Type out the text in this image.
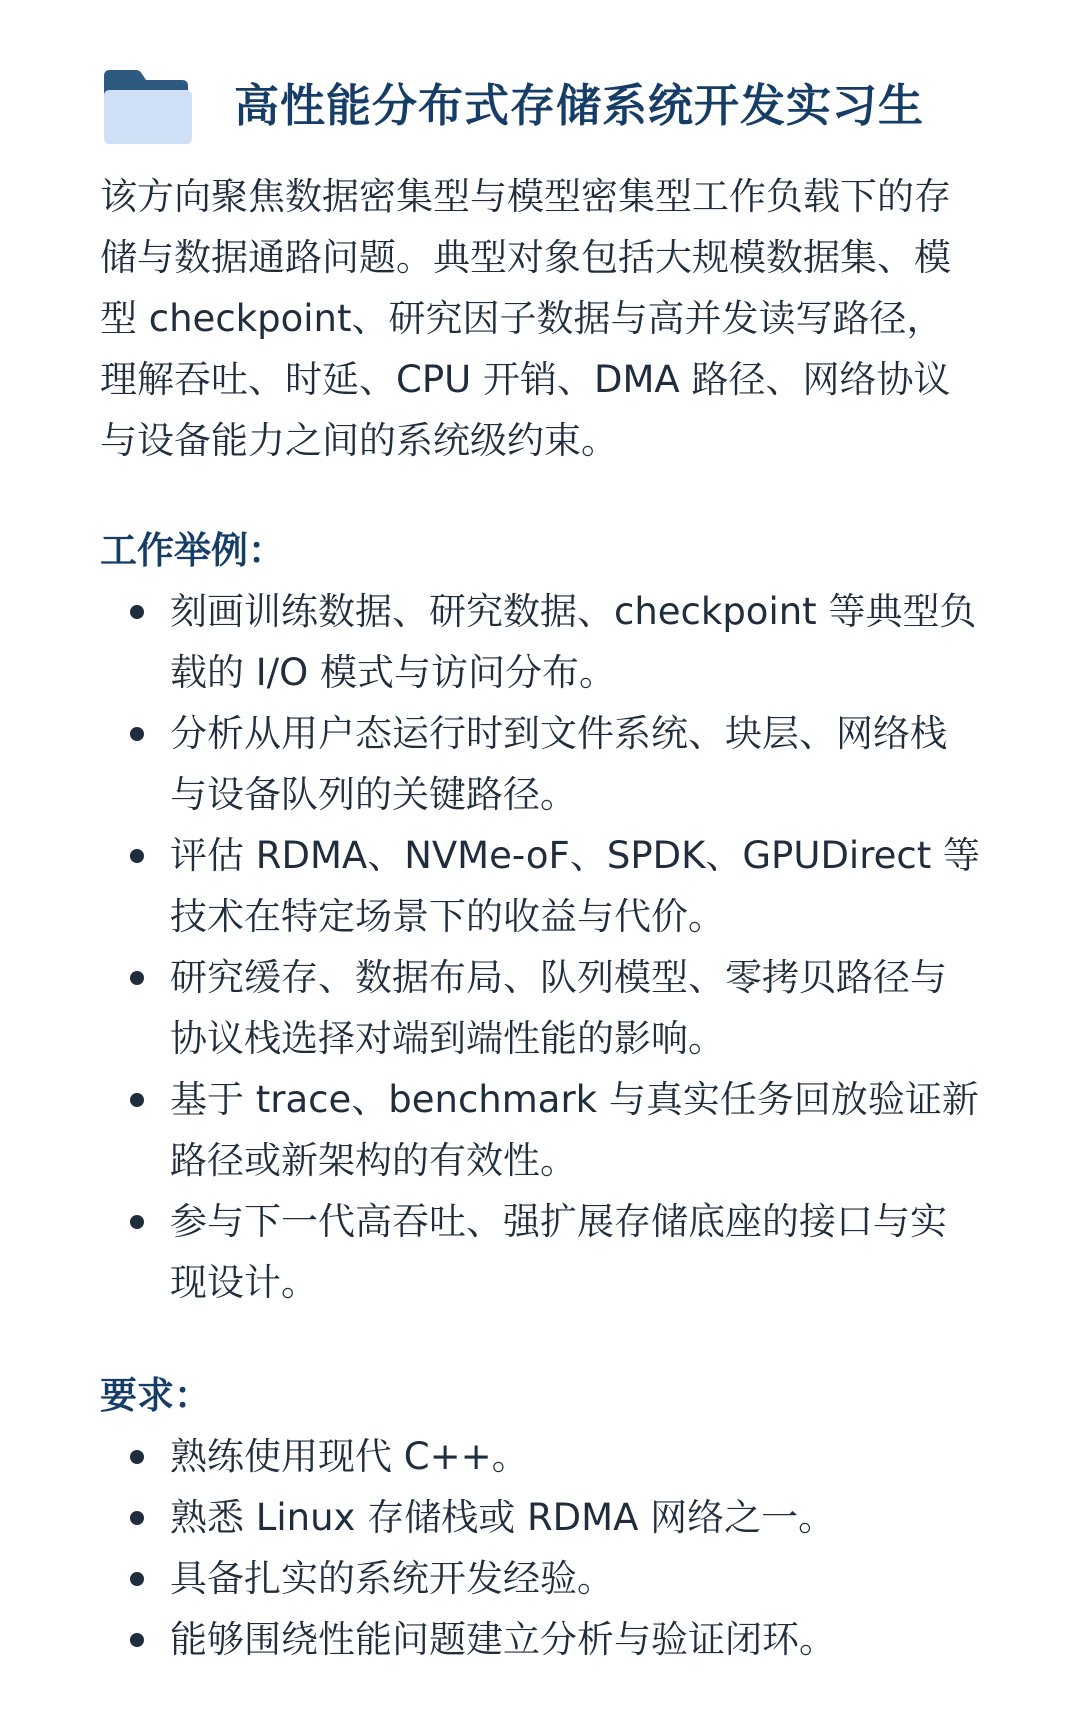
高性能分布式存储系统开发实习生

该方向聚焦数据密集型与模型密集型工作负载下的存储与数据通路问题。典型对象包括大规模数据集、模型 checkpoint、研究因子数据与高并发读写路径，理解吞吐、时延、CPU 开销、DMA 路径、网络协议与设备能力之间的系统级约束。

工作举例：
刻画训练数据、研究数据、checkpoint 等典型负载的 I/O 模式与访问分布。
分析从用户态运行时到文件系统、块层、网络栈与设备队列的关键路径。
评估 RDMA、NVMe-oF、SPDK、GPUDirect 等技术在特定场景下的收益与代价。
研究缓存、数据布局、队列模型、零拷贝路径与协议栈选择对端到端性能的影响。
基于 trace、benchmark 与真实任务回放验证新路径或新架构的有效性。
参与下一代高吞吐、强扩展存储底座的接口与实现设计。
要求：
熟练使用现代 C++。
熟悉 Linux 存储栈或 RDMA 网络之一。
具备扎实的系统开发经验。
能够围绕性能问题建立分析与验证闭环。
